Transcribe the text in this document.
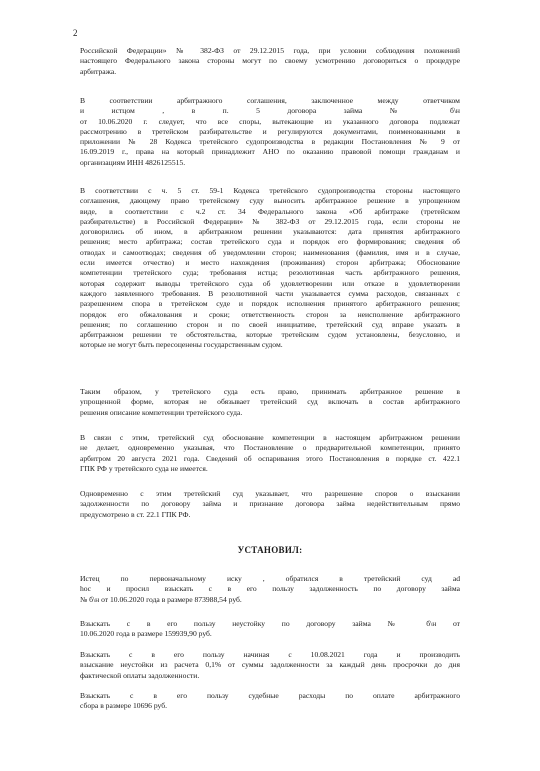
2
Российской Федерации» № 382-ФЗ от 29.12.2015 года, при условии соблюдения положений
настоящего Федерального закона стороны могут по своему усмотрению договориться о процедуре
арбитража.
В соответствии арбитражного соглашения, заключенное между ответчиком
и истцом , в п. 5 договора займа № б\н
от 10.06.2020 г. следует, что все споры, вытекающие из указанного договора подлежат
рассмотрению в третейском разбирательстве и регулируются документами, поименованными в
приложении № 28 Кодекса третейского судопроизводства в редакции Постановления № 9 от
16.09.2019 г., права на который принадлежит АНО по оказанию правовой помощи гражданам и
организациям ИНН 4826125515.
В соответствии с ч. 5 ст. 59-1 Кодекса третейского судопроизводства стороны настоящего
соглашения, дающему право третейскому суду выносить арбитражное решение в упрощенном
виде, в соответствии с ч.2 ст. 34 Федерального закона «Об арбитраже (третейском
разбирательстве) в Российской Федерации» № 382-ФЗ от 29.12.2015 года, если стороны не
договорились об ином, в арбитражном решении указываются: дата принятия арбитражного
решения; место арбитража; состав третейского суда и порядок его формирования; сведения об
отводах и самоотводах; сведения об уведомлении сторон; наименования (фамилия, имя и в случае,
если имеется отчество) и место нахождения (проживания) сторон арбитража; Обоснование
компетенции третейского суда; требования истца; резолютивная часть арбитражного решения,
которая содержит выводы третейского суда об удовлетворении или отказе в удовлетворении
каждого заявленного требования. В резолютивной части указывается сумма расходов, связанных с
разрешением спора в третейском суде и порядок исполнения принятого арбитражного решения;
порядок его обжалования и сроки; ответственность сторон за неисполнение арбитражного
решения; по соглашению сторон и по своей инициативе, третейский суд вправе указать в
арбитражном решении те обстоятельства, которые третейским судом установлены, безусловно, и
которые не могут быть пересоценены государственным судом.
Таким образом, у третейского суда есть право, принимать арбитражное решение в
упрощенной форме, которая не обязывает третейский суд включать в состав арбитражного
решения описание компетенции третейского суда.
В связи с этим, третейский суд обоснование компетенции в настоящем арбитражном решении
не делает, одновременно указывая, что Постановление о предварительной компетенции, принято
арбитром 20 августа 2021 года. Сведений об оспаривания этого Постановления в порядке ст. 422.1
ГПК РФ у третейского суда не имеется.
Одновременно с этим третейский суд указывает, что разрешение споров о взыскании
задолженности по договору займа и признание договора займа недействительным прямо
предусмотрено в ст. 22.1 ГПК РФ.
УСТАНОВИЛ:
Истец по первоначальному иску , обратился в третейский суд ad
hoc и просил взыскать с в его пользу задолженность по договору займа
№ б\н от 10.06.2020 года в размере 873988,54 руб.
Взыскать с в его пользу неустойку по договору займа № б\н от
10.06.2020 года в размере 159939,90 руб.
Взыскать с в его пользу начиная с 10.08.2021 года и производить
взыскание неустойки из расчета 0,1% от суммы задолженности за каждый день просрочки до дня
фактической оплаты задолженности.
Взыскать с в его пользу судебные расходы по оплате арбитражного
сбора в размере 10696 руб.
